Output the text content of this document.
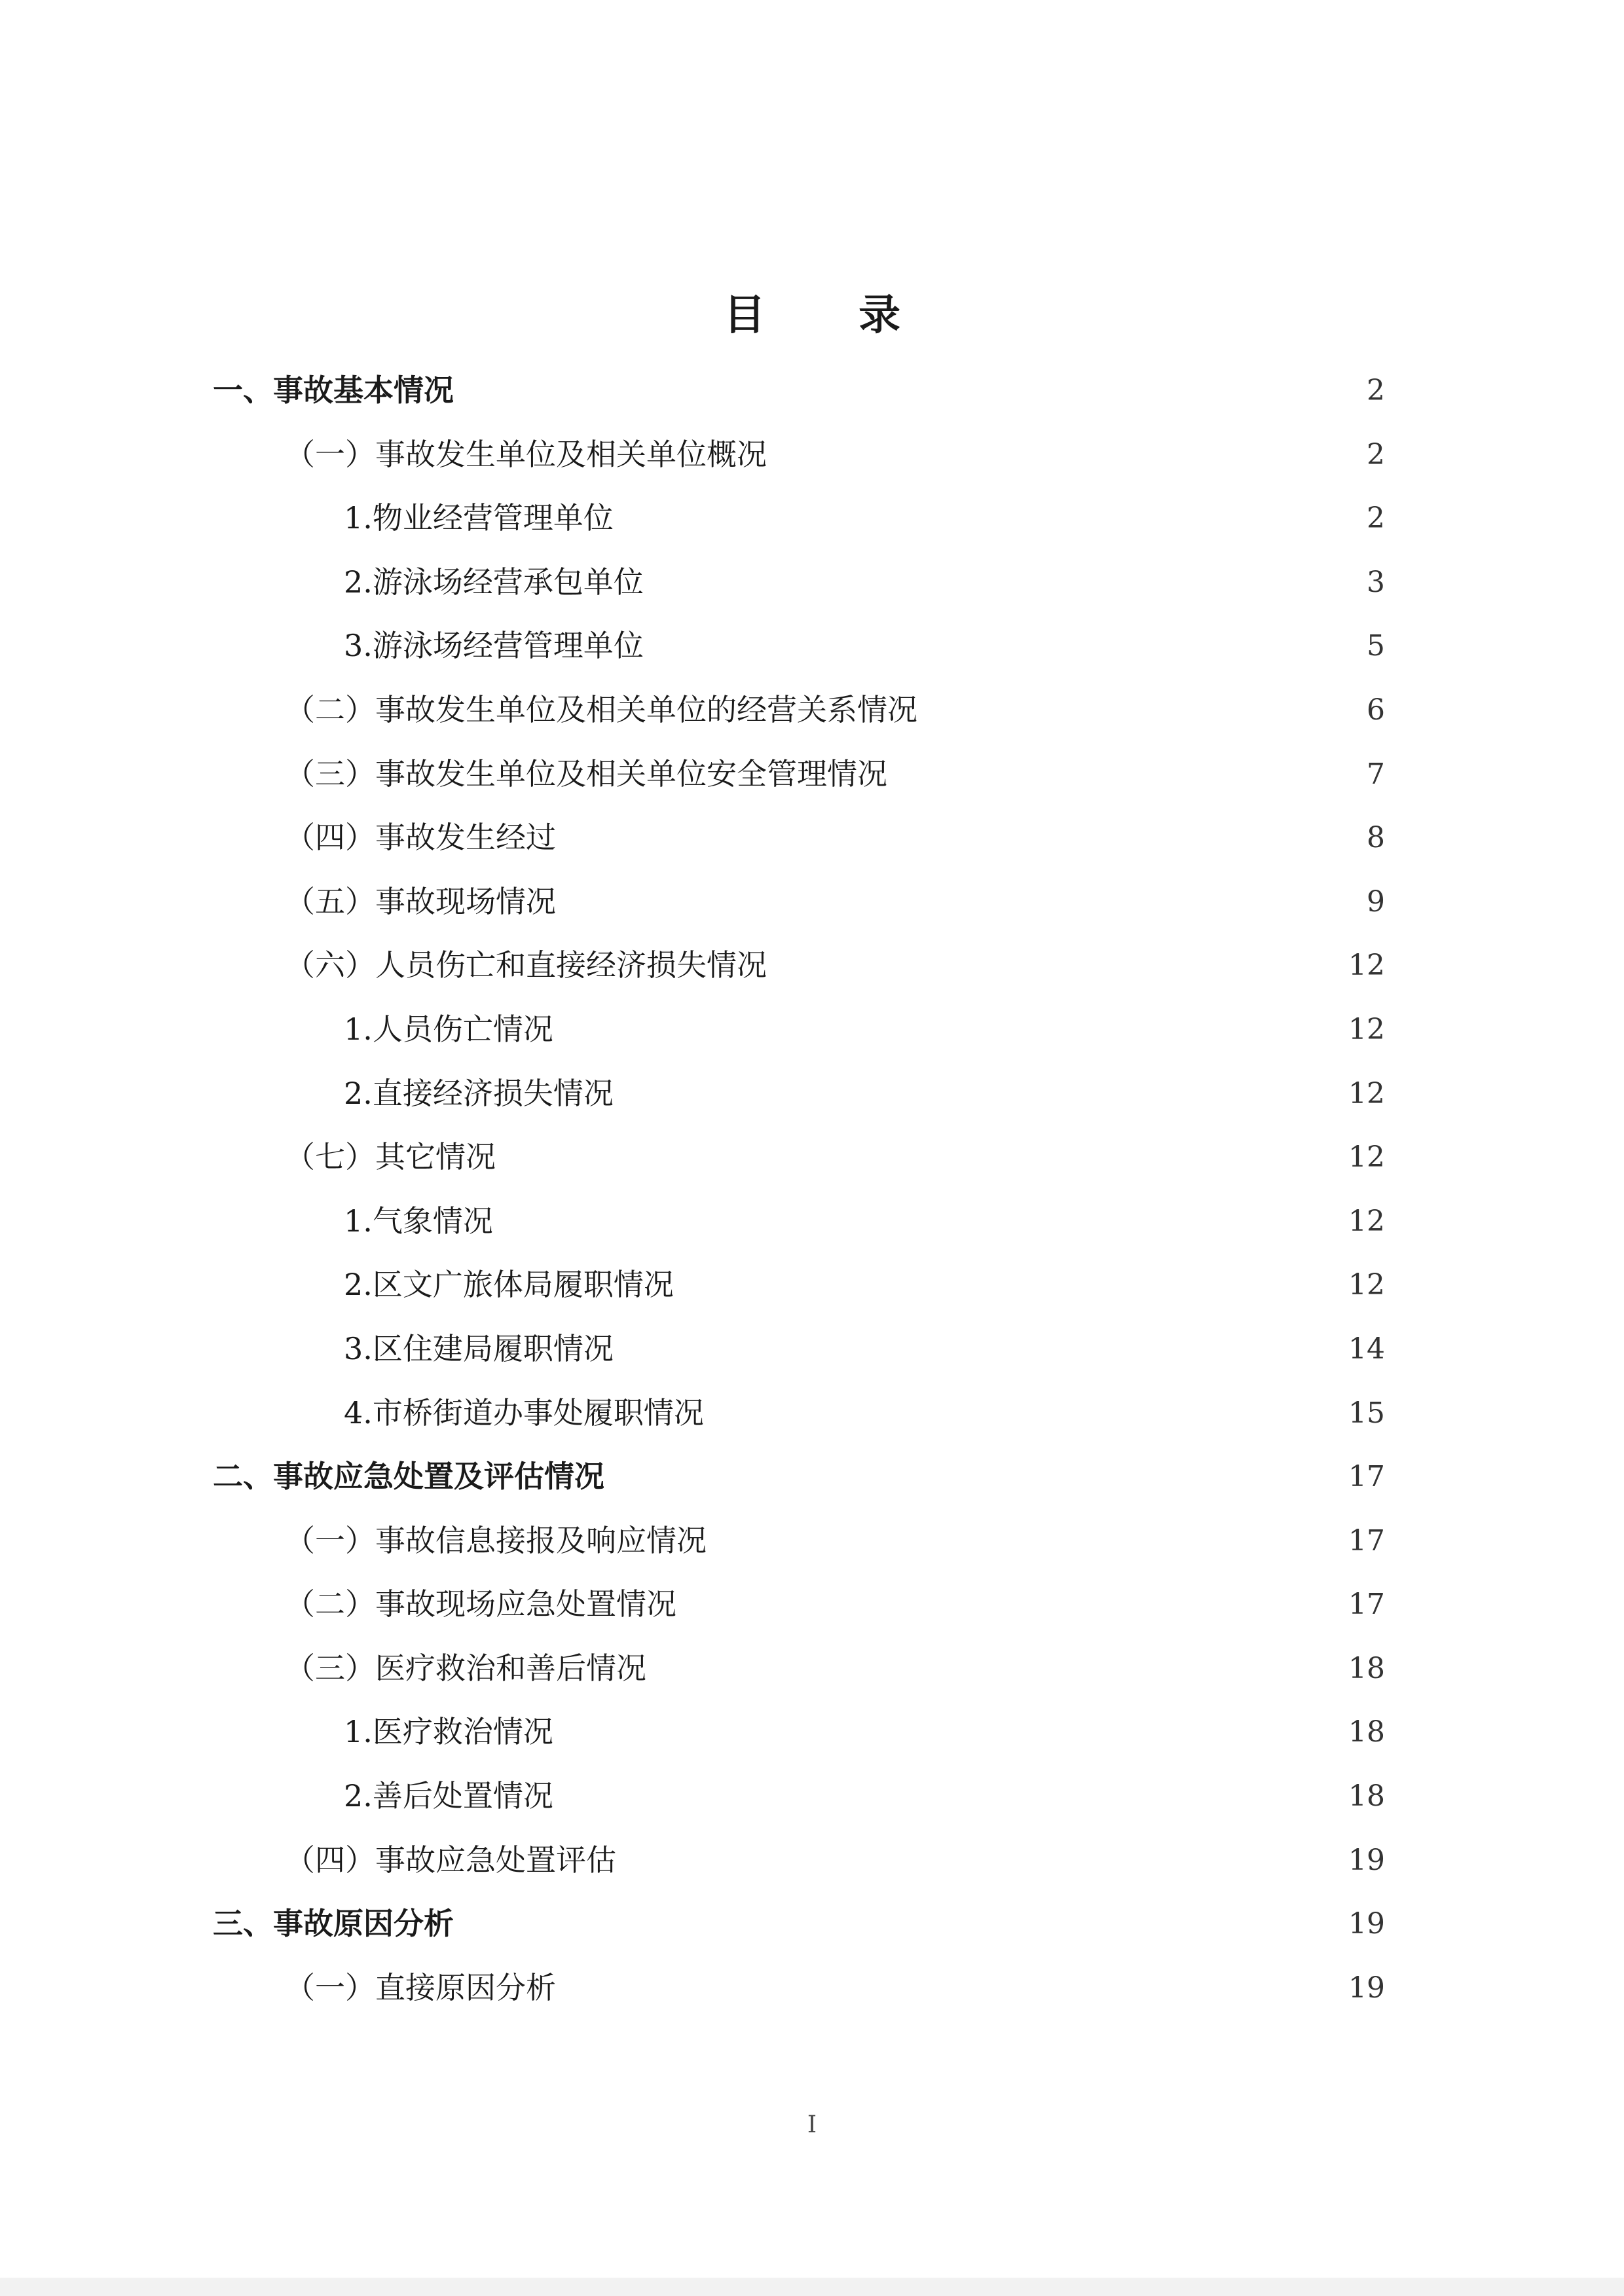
目 录
一、事故基本情况	2
（一）事故发生单位及相关单位概况	2
1.物业经营管理单位	2
2.游泳场经营承包单位	3
3.游泳场经营管理单位	5
（二）事故发生单位及相关单位的经营关系情况	6
（三）事故发生单位及相关单位安全管理情况	7
（四）事故发生经过	8
（五）事故现场情况	9
（六）人员伤亡和直接经济损失情况	12
1.人员伤亡情况	12
2.直接经济损失情况	12
（七）其它情况	12
1.气象情况	12
2.区文广旅体局履职情况	12
3.区住建局履职情况	14
4.市桥街道办事处履职情况	15
二、事故应急处置及评估情况	17
（一）事故信息接报及响应情况	17
（二）事故现场应急处置情况	17
（三）医疗救治和善后情况	18
1.医疗救治情况	18
2.善后处置情况	18
（四）事故应急处置评估	19
三、事故原因分析	19
（一）直接原因分析	19
I
